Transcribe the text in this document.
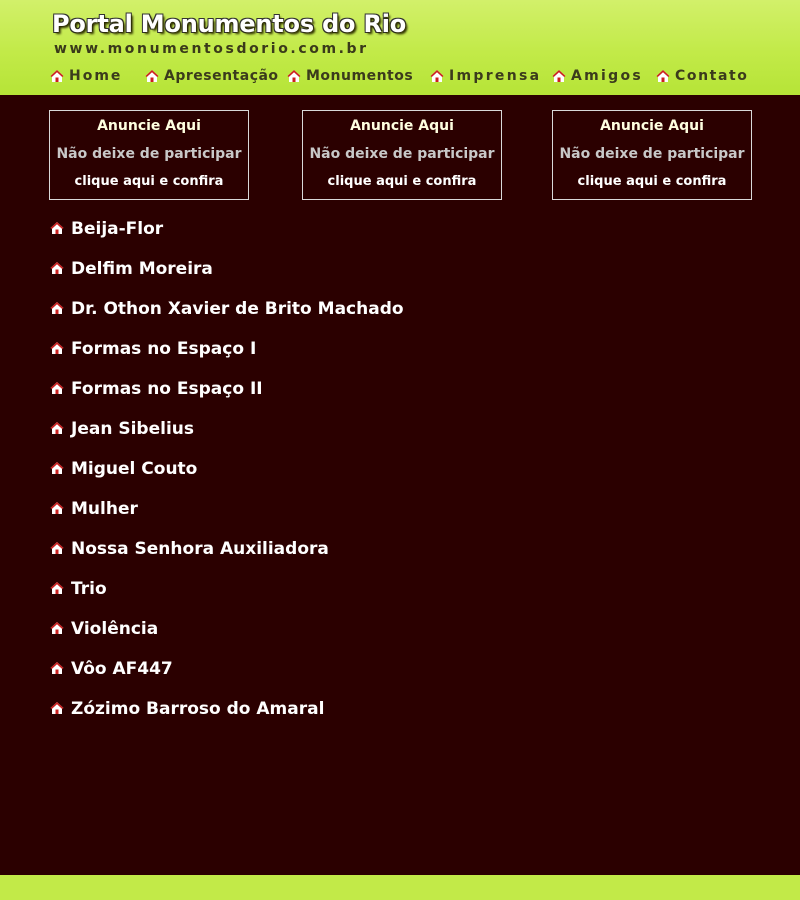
Portal Monumentos do Rio
www.monumentosdorio.com.br
Home	Apresentação Monumentos	Imprensa Amigos Contato
Anuncie Aqui
Não deixe de participar
clique aqui e confira
Anuncie Aqui
Não deixe de participar
clique aqui e confira
Anuncie Aqui
Não deixe de participar
clique aqui e confira
Beija-Flor
Delfim Moreira
Dr. Othon Xavier de Brito Machado
Formas no Espaço I
Formas no Espaço II
Jean Sibelius
Miguel Couto
Mulher
Nossa Senhora Auxiliadora
Trio
Violência
Vôo AF447
Zózimo Barroso do Amaral
